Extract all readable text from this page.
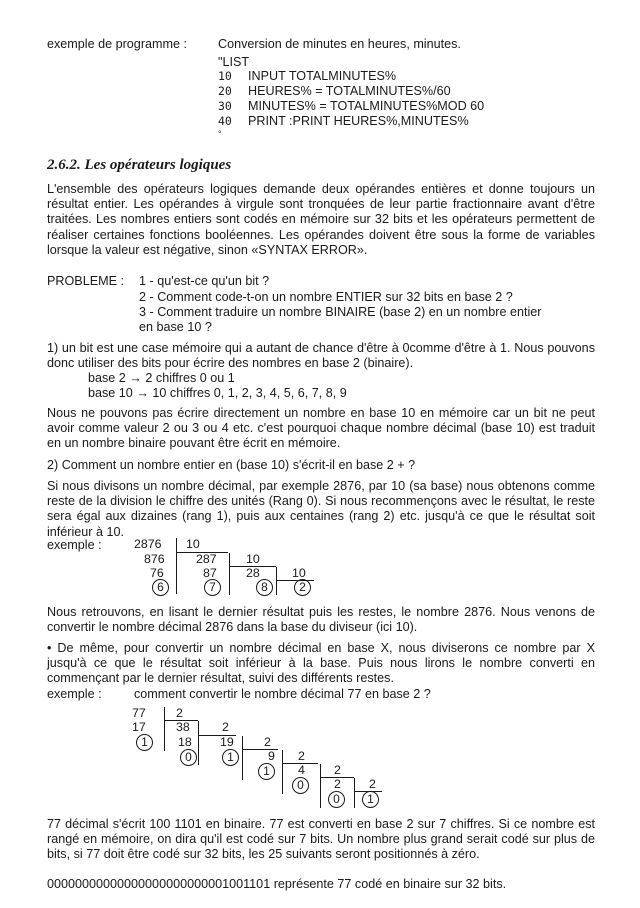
exemple de programme : Conversion de minutes en heures, minutes.
"LIST
10 INPUT TOTALMINUTES%
20 HEURES% = TOTALMINUTES%/60
30 MINUTES% = TOTALMINUTES%MOD 60
40 PRINT :PRINT HEURES%,MINUTES%
°
2.6.2. Les opérateurs logiques

L'ensemble des opérateurs logiques demande deux opérandes entières et donne toujours un résultat entier. Les opérandes à virgule sont tronquées de leur partie fractionnaire avant d'être traitées. Les nombres entiers sont codés en mémoire sur 32 bits et les opérateurs permettent de réaliser certaines fonctions booléennes. Les opérandes doivent être sous la forme de variables lorsque la valeur est négative, sinon «SYNTAX ERROR».

PROBLEME : 1 - qu'est-ce qu'un bit ?
2 - Comment code-t-on un nombre ENTIER sur 32 bits en base 2 ?
3 - Comment traduire un nombre BINAIRE (base 2) en un nombre entier
en base 10 ?

1) un bit est une case mémoire qui a autant de chance d'être à 0comme d'être à 1. Nous pouvons donc utiliser des bits pour écrire des nombres en base 2 (binaire).

base 2 → 2 chiffres 0 ou 1
base 10 → 10 chiffres 0, 1, 2, 3, 4, 5, 6, 7, 8, 9

Nous ne pouvons pas écrire directement un nombre en base 10 en mémoire car un bit ne peut avoir comme valeur 2 ou 3 ou 4 etc. c'est pourquoi chaque nombre décimal (base 10) est traduit en un nombre binaire pouvant être écrit en mémoire.

2) Comment un nombre entier en (base 10) s'écrit-il en base 2 + ?

Si nous divisons un nombre décimal, par exemple 2876, par 10 (sa base) nous obtenons comme reste de la division le chiffre des unités (Rang 0). Si nous recommençons avec le résultat, le reste sera égal aux dizaines (rang 1), puis aux centaines (rang 2) etc. jusqu'à ce que le résultat soit inférieur à 10.

exemple :	2876 10
876	287 10
76	87 28	10
6	7	8	2

Nous retrouvons, en lisant le dernier résultat puis les restes, le nombre 2876. Nous venons de convertir le nombre décimal 2876 dans la base du diviseur (ici 10).

• De même, pour convertir un nombre décimal en base X, nous diviserons ce nombre par X jusqu'à ce que le résultat soit inférieur à la base. Puis nous lirons le nombre converti en commençant par le dernier résultat, suivi des différents restes.

exemple :	comment convertir le nombre décimal 77 en base 2 ?
77 2
17 38	2
1	18 19 2
0	1	9 2
1	4 2
0	2 2
0	1

77 décimal s'écrit 100 1101 en binaire. 77 est converti en base 2 sur 7 chiffres. Si ce nombre est rangé en mémoire, on dira qu'il est codé sur 7 bits. Un nombre plus grand serait codé sur plus de bits, si 77 doit être codé sur 32 bits, les 25 suivants seront positionnés à zéro.

00000000000000000000000001001101 représente 77 codé en binaire sur 32 bits.
